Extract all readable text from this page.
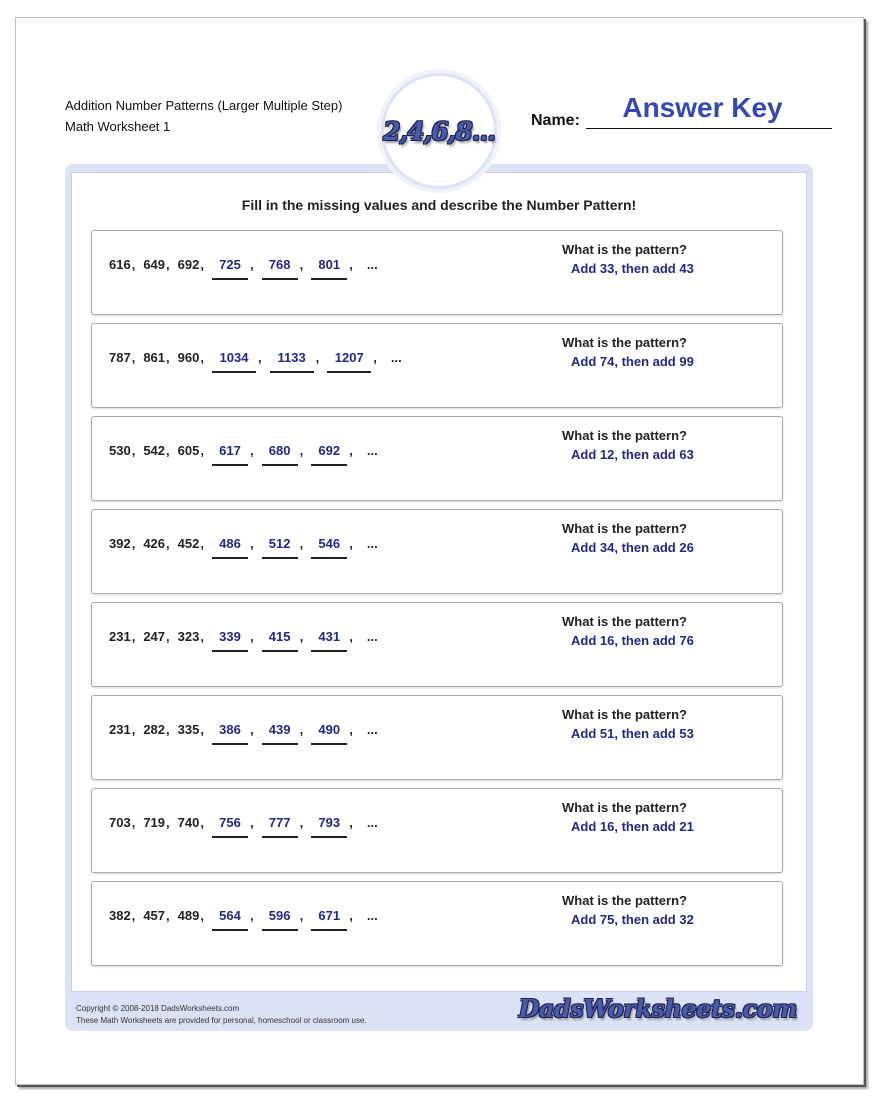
Addition Number Patterns (Larger Multiple Step)
Math Worksheet 1	2,4,6,8... Name:	Answer Key
Fill in the missing values and describe the Number Pattern!
616 , 649 , 692 ,	725 ,	768 ,	801 , ...
What is the pattern?
Add 33, then add 43
787 , 861 , 960 ,	1034 ,	1133 ,	1207 , ...
What is the pattern?
Add 74, then add 99
530 , 542 , 605 ,	617 ,	680 ,	692 , ...
What is the pattern?
Add 12, then add 63
392 , 426 , 452 ,	486 ,	512 ,	546 , ...
What is the pattern?
Add 34, then add 26
231 , 247 , 323 ,	339 ,	415 ,	431 , ...
What is the pattern?
Add 16, then add 76
231 , 282 , 335 ,	386 ,	439 ,	490 , ...
What is the pattern?
Add 51, then add 53
703 , 719 , 740 ,	756 ,	777 ,	793 , ...
What is the pattern?
Add 16, then add 21
382 , 457 , 489 ,	564 ,	596 ,	671 , ...
What is the pattern?
Add 75, then add 32
Copyright © 2008-2018 DadsWorksheets.com
These Math Worksheets are provided for personal, homeschool or classroom use.	DadsWorksheets.com
